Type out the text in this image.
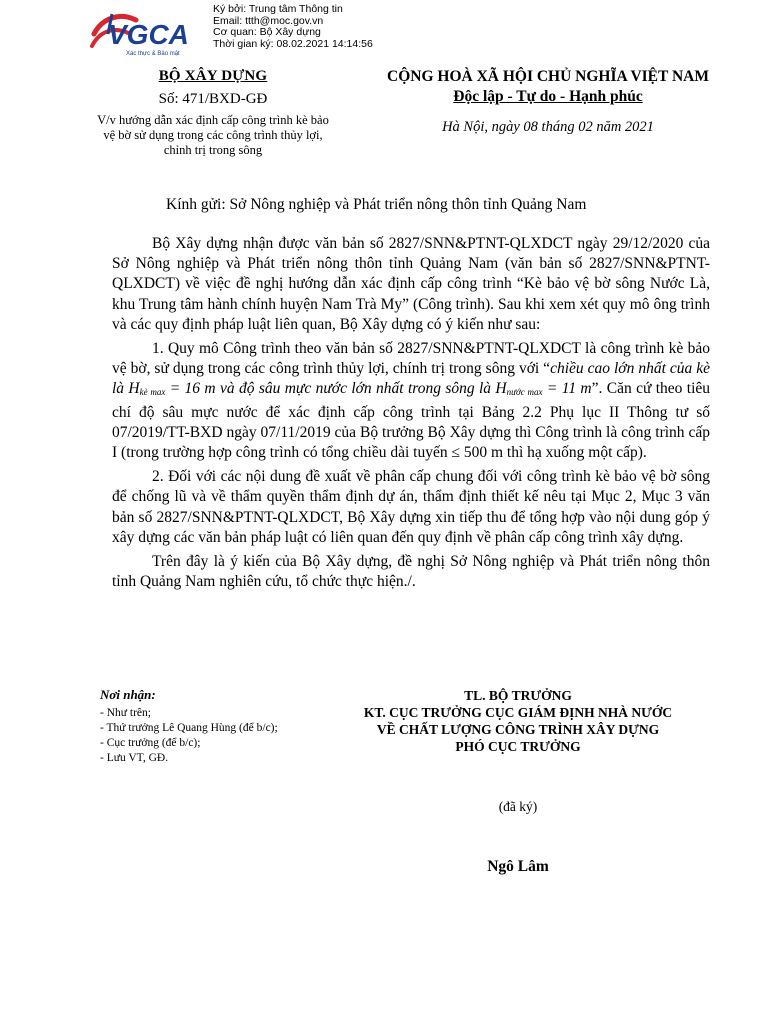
VGCA
Xác thực & Bảo mật
Ký bởi: Trung tâm Thông tin
Email: ttth@moc.gov.vn
Cơ quan: Bộ Xây dựng
Thời gian ký: 08.02.2021 14:14:56
BỘ XÂY DỰNG
Số: 471/BXD-GĐ
V/v hướng dẫn xác định cấp công trình kè bảo vệ bờ sử dụng trong các công trình thủy lợi, chỉnh trị trong sông
CỘNG HOÀ XÃ HỘI CHỦ NGHĨA VIỆT NAM
Độc lập - Tự do - Hạnh phúc
Hà Nội, ngày 08 tháng 02 năm 2021
Kính gửi: Sở Nông nghiệp và Phát triển nông thôn tỉnh Quảng Nam

Bộ Xây dựng nhận được văn bản số 2827/SNN&PTNT-QLXDCT ngày 29/12/2020 của Sở Nông nghiệp và Phát triển nông thôn tỉnh Quảng Nam (văn bản số 2827/SNN&PTNT-QLXDCT) về việc đề nghị hướng dẫn xác định cấp công trình “Kè bảo vệ bờ sông Nước Là, khu Trung tâm hành chính huyện Nam Trà My” (Công trình). Sau khi xem xét quy mô ông trình và các quy định pháp luật liên quan, Bộ Xây dựng có ý kiến như sau:

1. Quy mô Công trình theo văn bản số 2827/SNN&PTNT-QLXDCT là công trình kè bảo vệ bờ, sử dụng trong các công trình thủy lợi, chính trị trong sông với “chiều cao lớn nhất của kè là $H_{kè max} = 16$ m và độ sâu mực nước lớn nhất trong sông là $H_{nước max} = 11$ m”. Căn cứ theo tiêu chí độ sâu mực nước để xác định cấp công trình tại Bảng 2.2 Phụ lục II Thông tư số 07/2019/TT-BXD ngày 07/11/2019 của Bộ trưởng Bộ Xây dựng thì Công trình là công trình cấp I (trong trường hợp công trình có tổng chiều dài tuyến ≤ 500 m thì hạ xuống một cấp).

2. Đối với các nội dung đề xuất về phân cấp chung đối với công trình kè bảo vệ bờ sông để chống lũ và về thẩm quyền thẩm định dự án, thẩm định thiết kế nêu tại Mục 2, Mục 3 văn bản số 2827/SNN&PTNT-QLXDCT, Bộ Xây dựng xin tiếp thu để tổng hợp vào nội dung góp ý xây dựng các văn bản pháp luật có liên quan đến quy định về phân cấp công trình xây dựng.

Trên đây là ý kiến của Bộ Xây dựng, đề nghị Sở Nông nghiệp và Phát triển nông thôn tỉnh Quảng Nam nghiên cứu, tổ chức thực hiện./.

Nơi nhận:
- Như trên;
- Thứ trưởng Lê Quang Hùng (để b/c);
- Cục trưởng (để b/c);
- Lưu VT, GĐ.
TL. BỘ TRƯỞNG
KT. CỤC TRƯỞNG CỤC GIÁM ĐỊNH NHÀ NƯỚC
VỀ CHẤT LƯỢNG CÔNG TRÌNH XÂY DỰNG
PHÓ CỤC TRƯỞNG
(đã ký)
Ngô Lâm
